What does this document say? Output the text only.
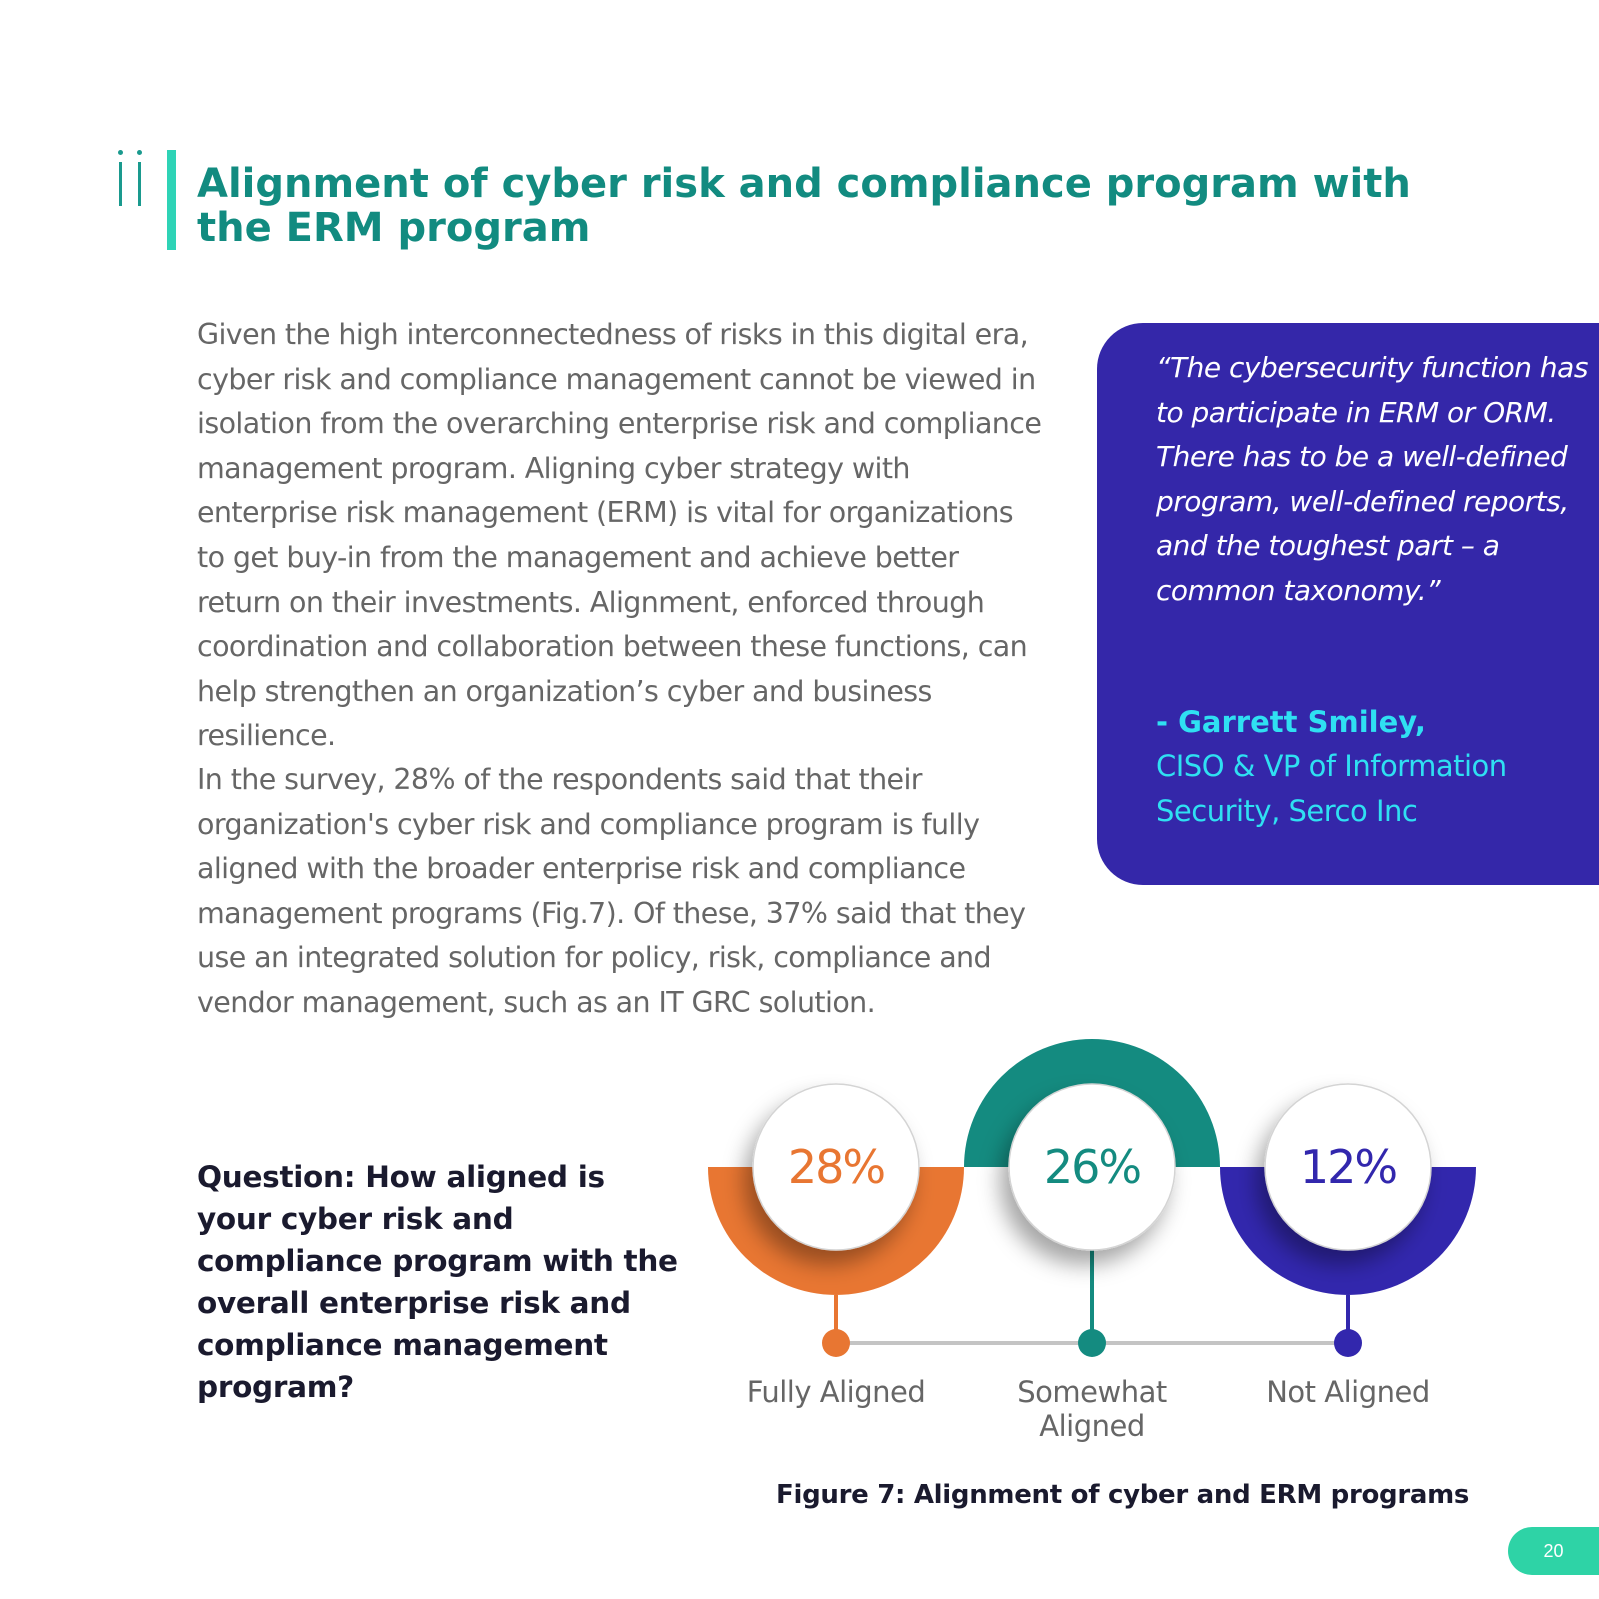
Alignment of cyber risk and compliance program with the ERM program

Given the high interconnectedness of risks in this digital era, cyber risk and compliance management cannot be viewed in isolation from the overarching enterprise risk and compliance management program. Aligning cyber strategy with enterprise risk management (ERM) is vital for organizations to get buy-in from the management and achieve better return on their investments. Alignment, enforced through coordination and collaboration between these functions, can help strengthen an organization’s cyber and business resilience.

In the survey, 28% of the respondents said that their organization's cyber risk and compliance program is fully aligned with the broader enterprise risk and compliance management programs (Fig.7). Of these, 37% said that they use an integrated solution for policy, risk, compliance and vendor management, such as an IT GRC solution.

“The cybersecurity function has to participate in ERM or ORM. There has to be a well-defined program, well-defined reports, and the toughest part – a common taxonomy.”

- Garrett Smiley,

CISO & VP of Information Security, Serco Inc

Question: How aligned is your cyber risk and compliance program with the overall enterprise risk and compliance management program?

28%
Fully Aligned
26%
Somewhat
Aligned
12%
Not Aligned

Figure 7: Alignment of cyber and ERM programs

20
